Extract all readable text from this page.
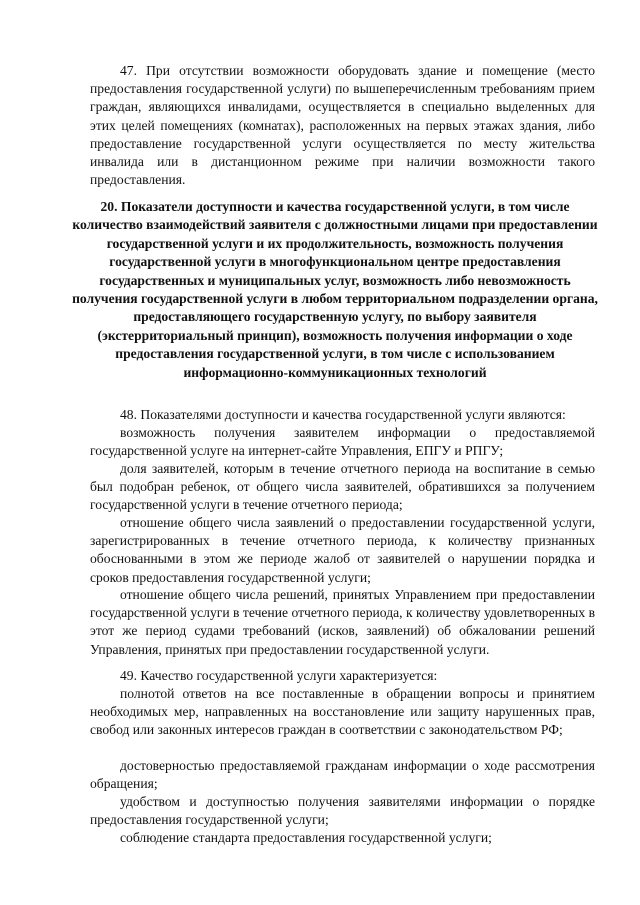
47. При отсутствии возможности оборудовать здание и помещение (место предоставления государственной услуги) по вышеперечисленным требованиям прием граждан, являющихся инвалидами, осуществляется в специально выделенных для этих целей помещениях (комнатах), расположенных на первых этажах здания, либо предоставление государственной услуги осуществляется по месту жительства инвалида или в дистанционном режиме при наличии возможности такого предоставления.

20. Показатели доступности и качества государственной услуги, в том числе количество взаимодействий заявителя с должностными лицами при предоставлении государственной услуги и их продолжительность, возможность получения государственной услуги в многофункциональном центре предоставления государственных и муниципальных услуг, возможность либо невозможность получения государственной услуги в любом территориальном подразделении органа, предоставляющего государственную услугу, по выбору заявителя (экстерриториальный принцип), возможность получения информации о ходе предоставления государственной услуги, в том числе с использованием информационно-коммуникационных технологий

48. Показателями доступности и качества государственной услуги являются:

возможность получения заявителем информации о предоставляемой государственной услуге на интернет-сайте Управления, ЕПГУ и РПГУ;

доля заявителей, которым в течение отчетного периода на воспитание в семью был подобран ребенок, от общего числа заявителей, обратившихся за получением государственной услуги в течение отчетного периода;

отношение общего числа заявлений о предоставлении государственной услуги, зарегистрированных в течение отчетного периода, к количеству признанных обоснованными в этом же периоде жалоб от заявителей о нарушении порядка и сроков предоставления государственной услуги;

отношение общего числа решений, принятых Управлением при предоставлении государственной услуги в течение отчетного периода, к количеству удовлетворенных в этот же период судами требований (исков, заявлений) об обжаловании решений Управления, принятых при предоставлении государственной услуги.

49. Качество государственной услуги характеризуется:

полнотой ответов на все поставленные в обращении вопросы и принятием необходимых мер, направленных на восстановление или защиту нарушенных прав, свобод или законных интересов граждан в соответствии с законодательством РФ;

достоверностью предоставляемой гражданам информации о ходе рассмотрения обращения;

удобством и доступностью получения заявителями информации о порядке предоставления государственной услуги;

соблюдение стандарта предоставления государственной услуги;
